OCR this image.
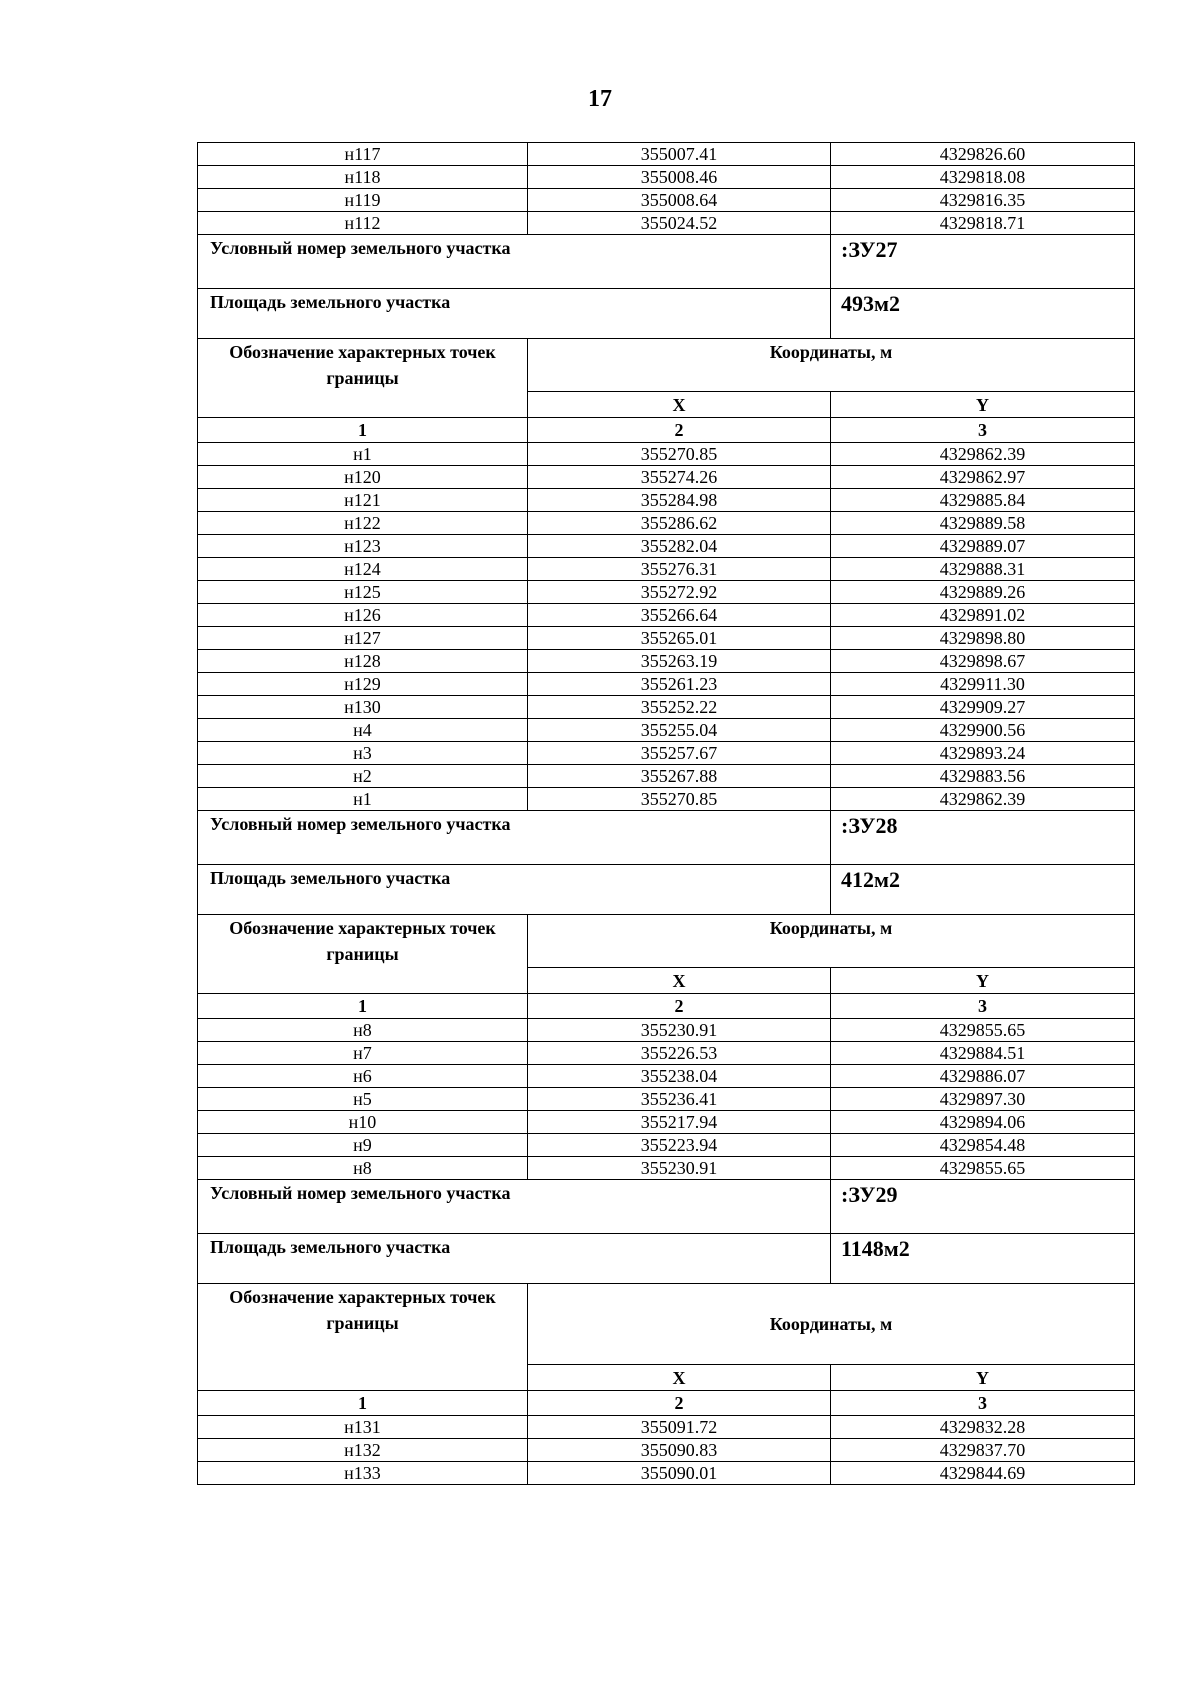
17
н117	355007.41	4329826.60
н118	355008.46	4329818.08
н119	355008.64	4329816.35
н112	355024.52	4329818.71
Условный номер земельного участка		:ЗУ27
Площадь земельного участка		493м2
Обозначение характерных точек границы	Координаты, м	
	X	Y
1	2	3
н1	355270.85	4329862.39
н120	355274.26	4329862.97
н121	355284.98	4329885.84
н122	355286.62	4329889.58
н123	355282.04	4329889.07
н124	355276.31	4329888.31
н125	355272.92	4329889.26
н126	355266.64	4329891.02
н127	355265.01	4329898.80
н128	355263.19	4329898.67
н129	355261.23	4329911.30
н130	355252.22	4329909.27
н4	355255.04	4329900.56
н3	355257.67	4329893.24
н2	355267.88	4329883.56
н1	355270.85	4329862.39
Условный номер земельного участка		:ЗУ28
Площадь земельного участка		412м2
Обозначение характерных точек границы	Координаты, м	
	X	Y
1	2	3
н8	355230.91	4329855.65
н7	355226.53	4329884.51
н6	355238.04	4329886.07
н5	355236.41	4329897.30
н10	355217.94	4329894.06
н9	355223.94	4329854.48
н8	355230.91	4329855.65
Условный номер земельного участка		:ЗУ29
Площадь земельного участка		1148м2
Обозначение характерных точек границы	Координаты, м	
	X	Y
1	2	3
н131	355091.72	4329832.28
н132	355090.83	4329837.70
н133	355090.01	4329844.69
